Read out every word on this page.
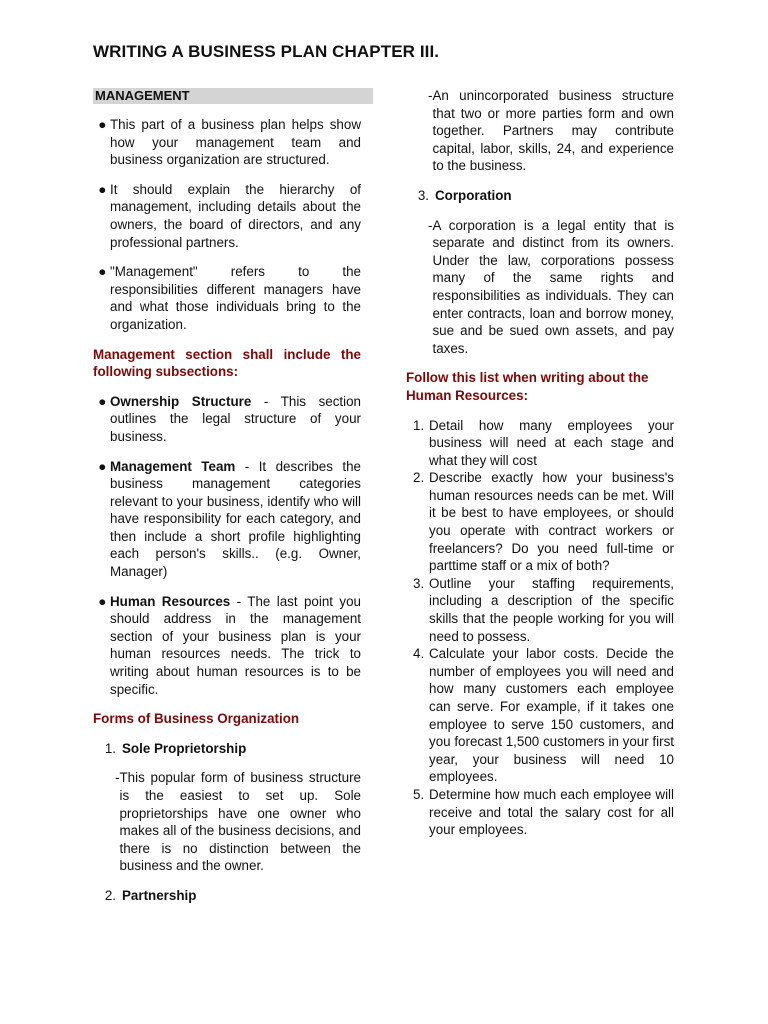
WRITING A BUSINESS PLAN CHAPTER III.
MANAGEMENT
● This part of a business plan helps show how your management team and business organization are structured.
● It should explain the hierarchy of management, including details about the owners, the board of directors, and any professional partners.
● "Management" refers to the responsibilities different managers have and what those individuals bring to the organization.
Management section shall include the following subsections:
● Ownership Structure - This section outlines the legal structure of your business.
● Management Team - It describes the business management categories relevant to your business, identify who will have responsibility for each category, and then include a short profile highlighting each person's skills.. (e.g. Owner, Manager)
● Human Resources - The last point you should address in the management section of your business plan is your human resources needs. The trick to writing about human resources is to be specific.
Forms of Business Organization
1. Sole Proprietorship
- This popular form of business structure is the easiest to set up. Sole proprietorships have one owner who makes all of the business decisions, and there is no distinction between the business and the owner.
2. Partnership
- An unincorporated business structure that two or more parties form and own together. Partners may contribute capital, labor, skills, 24, and experience to the business.
3. Corporation
- A corporation is a legal entity that is separate and distinct from its owners. Under the law, corporations possess many of the same rights and responsibilities as individuals. They can enter contracts, loan and borrow money, sue and be sued own assets, and pay taxes.
Follow this list when writing about the Human Resources:
1. Detail how many employees your business will need at each stage and what they will cost
2. Describe exactly how your business's human resources needs can be met. Will it be best to have employees, or should you operate with contract workers or freelancers? Do you need full-time or parttime staff or a mix of both?
3. Outline your staffing requirements, including a description of the specific skills that the people working for you will need to possess.
4. Calculate your labor costs. Decide the number of employees you will need and how many customers each employee can serve. For example, if it takes one employee to serve 150 customers, and you forecast 1,500 customers in your first year, your business will need 10 employees.
5. Determine how much each employee will receive and total the salary cost for all your employees.
